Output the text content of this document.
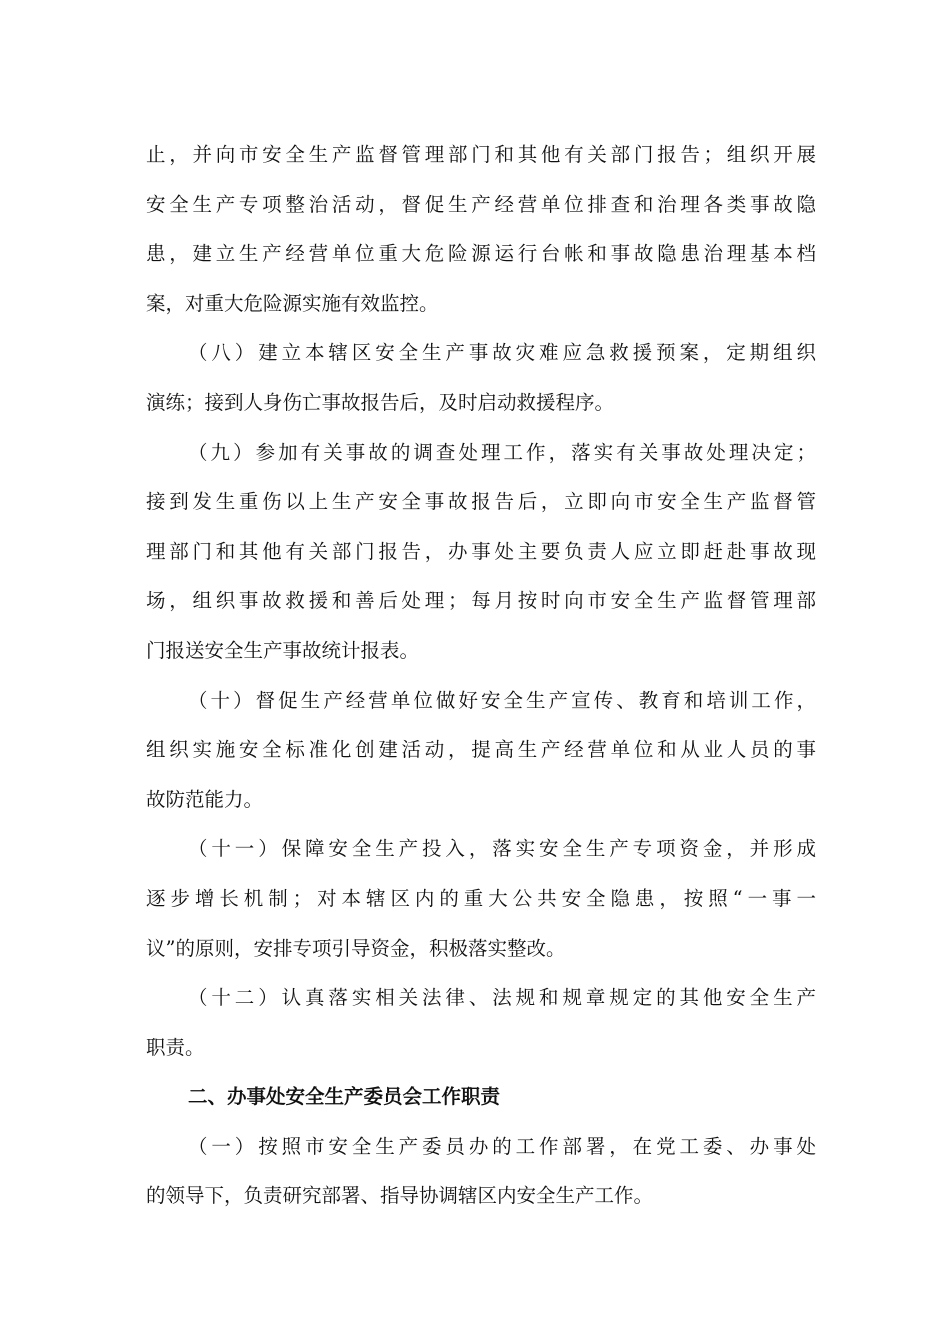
止，并向市安全生产监督管理部门和其他有关部门报告；组织开展
安全生产专项整治活动，督促生产经营单位排查和治理各类事故隐
患，建立生产经营单位重大危险源运行台帐和事故隐患治理基本档
案，对重大危险源实施有效监控。
（八）建立本辖区安全生产事故灾难应急救援预案，定期组织
演练；接到人身伤亡事故报告后，及时启动救援程序。
（九）参加有关事故的调查处理工作，落实有关事故处理决定；
接到发生重伤以上生产安全事故报告后，立即向市安全生产监督管
理部门和其他有关部门报告，办事处主要负责人应立即赶赴事故现
场，组织事故救援和善后处理；每月按时向市安全生产监督管理部
门报送安全生产事故统计报表。
（十）督促生产经营单位做好安全生产宣传、教育和培训工作，
组织实施安全标准化创建活动，提高生产经营单位和从业人员的事
故防范能力。
（十一）保障安全生产投入，落实安全生产专项资金，并形成
逐步增长机制；对本辖区内的重大公共安全隐患，按照“一事一
议”的原则，安排专项引导资金，积极落实整改。
（十二）认真落实相关法律、法规和规章规定的其他安全生产
职责。
二、办事处安全生产委员会工作职责
（一）按照市安全生产委员办的工作部署，在党工委、办事处
的领导下，负责研究部署、指导协调辖区内安全生产工作。
